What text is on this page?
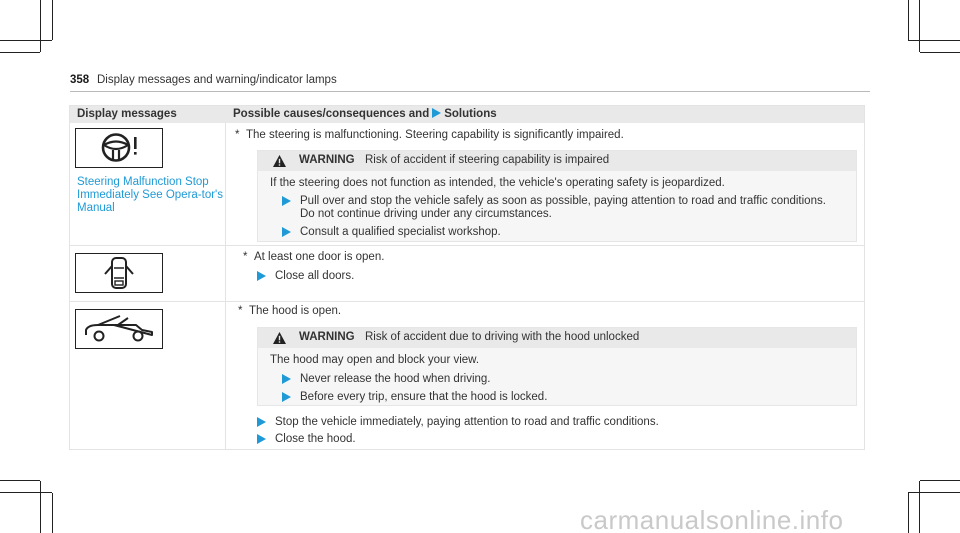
358 Display messages and warning/indicator lamps
Display messages	Possible causes/consequences and Solutions
Steering Malfunction Stop Immediately See Opera-tor's Manual
* The steering is malfunctioning. Steering capability is significantly impaired.
WARNING Risk of accident if steering capability is impaired
If the steering does not function as intended, the vehicle's operating safety is jeopardized.
Pull over and stop the vehicle safely as soon as possible, paying attention to road and traffic conditions.
Do not continue driving under any circumstances.
Consult a qualified specialist workshop.
* At least one door is open.
Close all doors.
* The hood is open.
WARNING Risk of accident due to driving with the hood unlocked
The hood may open and block your view.
Never release the hood when driving.
Before every trip, ensure that the hood is locked.
Stop the vehicle immediately, paying attention to road and traffic conditions.
Close the hood.
carmanualsonline.info
